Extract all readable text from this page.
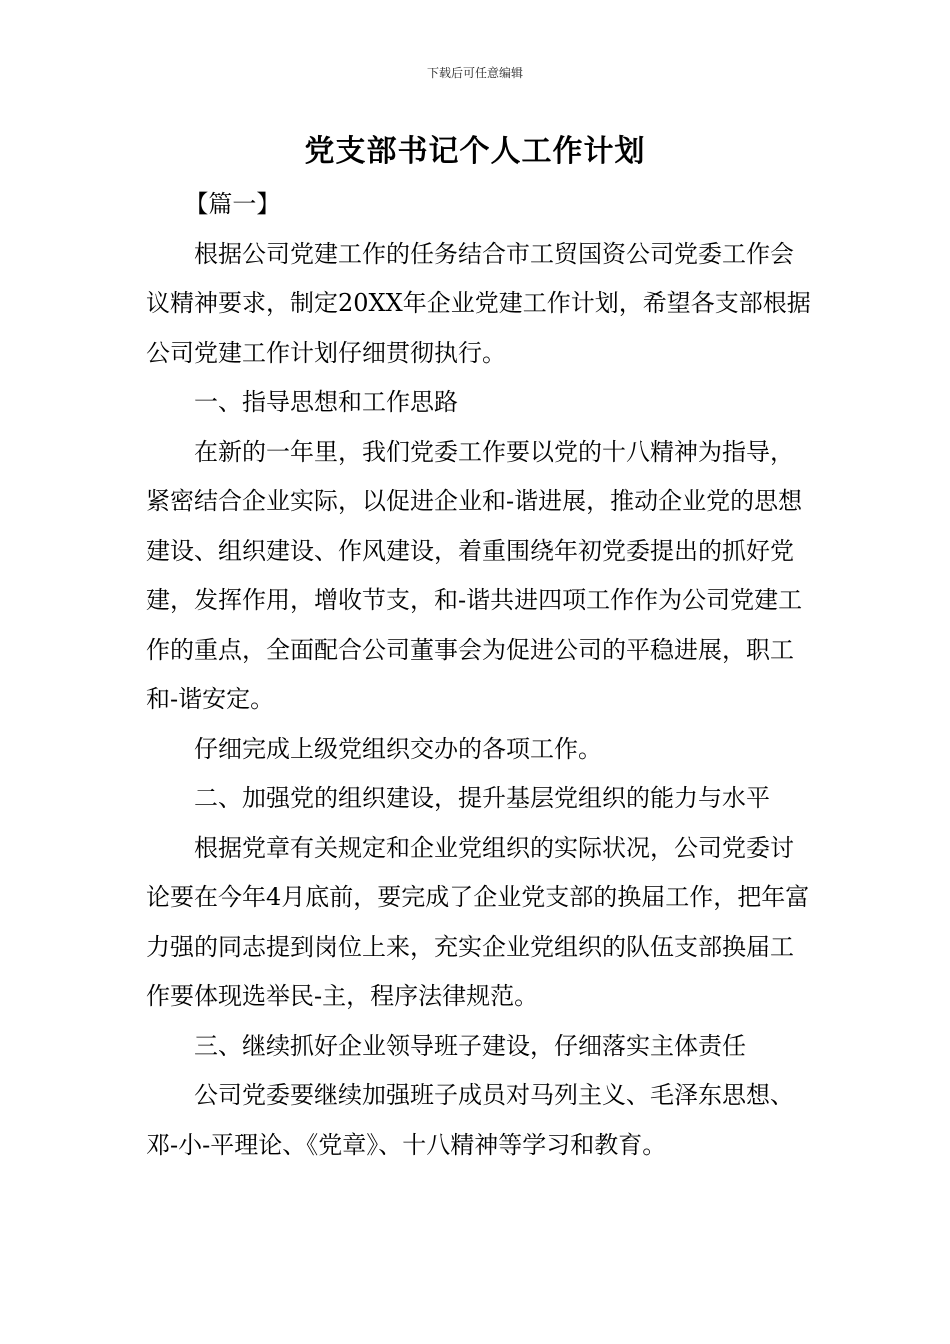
下载后可任意编辑
党支部书记个人工作计划

【篇一】

根据公司党建工作的任务结合市工贸国资公司党委工作会议精神要求，制定20XX年企业党建工作计划，希望各支部根据公司党建工作计划仔细贯彻执行。

一、指导思想和工作思路

在新的一年里，我们党委工作要以党的十八精神为指导，紧密结合企业实际，以促进企业和-谐进展，推动企业党的思想建设、组织建设、作风建设，着重围绕年初党委提出的抓好党建，发挥作用，增收节支，和-谐共进四项工作作为公司党建工作的重点，全面配合公司董事会为促进公司的平稳进展，职工和-谐安定。

仔细完成上级党组织交办的各项工作。

二、加强党的组织建设，提升基层党组织的能力与水平

根据党章有关规定和企业党组织的实际状况，公司党委讨论要在今年4月底前，要完成了企业党支部的换届工作，把年富力强的同志提到岗位上来，充实企业党组织的队伍支部换届工作要体现选举民-主，程序法律规范。

三、继续抓好企业领导班子建设，仔细落实主体责任

公司党委要继续加强班子成员对马列主义、毛泽东思想、邓-小-平理论、《党章》、十八精神等学习和教育。
